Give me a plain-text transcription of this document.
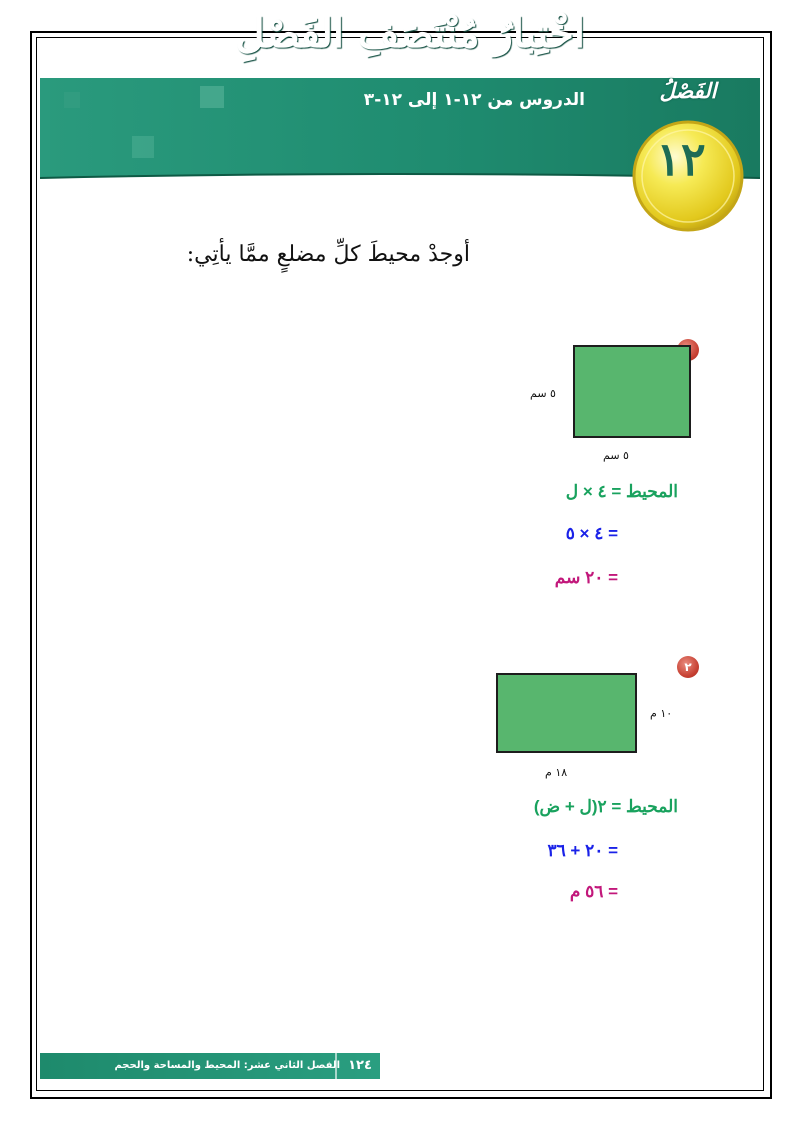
اخْتِبارُ مُنْتَصَفِ الفَصْلِ
الدروس من ١٢-١ إلى ١٢-٣	الفَصْلُ
١٢
أوجدْ محيطَ كلِّ مضلعٍ ممَّا يأتِي:
٥ سم
٥ سم
المحيط = ٤ × ل
= ٤ × ٥
= ٢٠ سم
٢
١٠ م
١٨ م
المحيط = ٢(ل + ض)
= ٢٠ + ٣٦
= ٥٦ م
الفصل الثاني عشر: المحيط والمساحة والحجم ١٢٤
